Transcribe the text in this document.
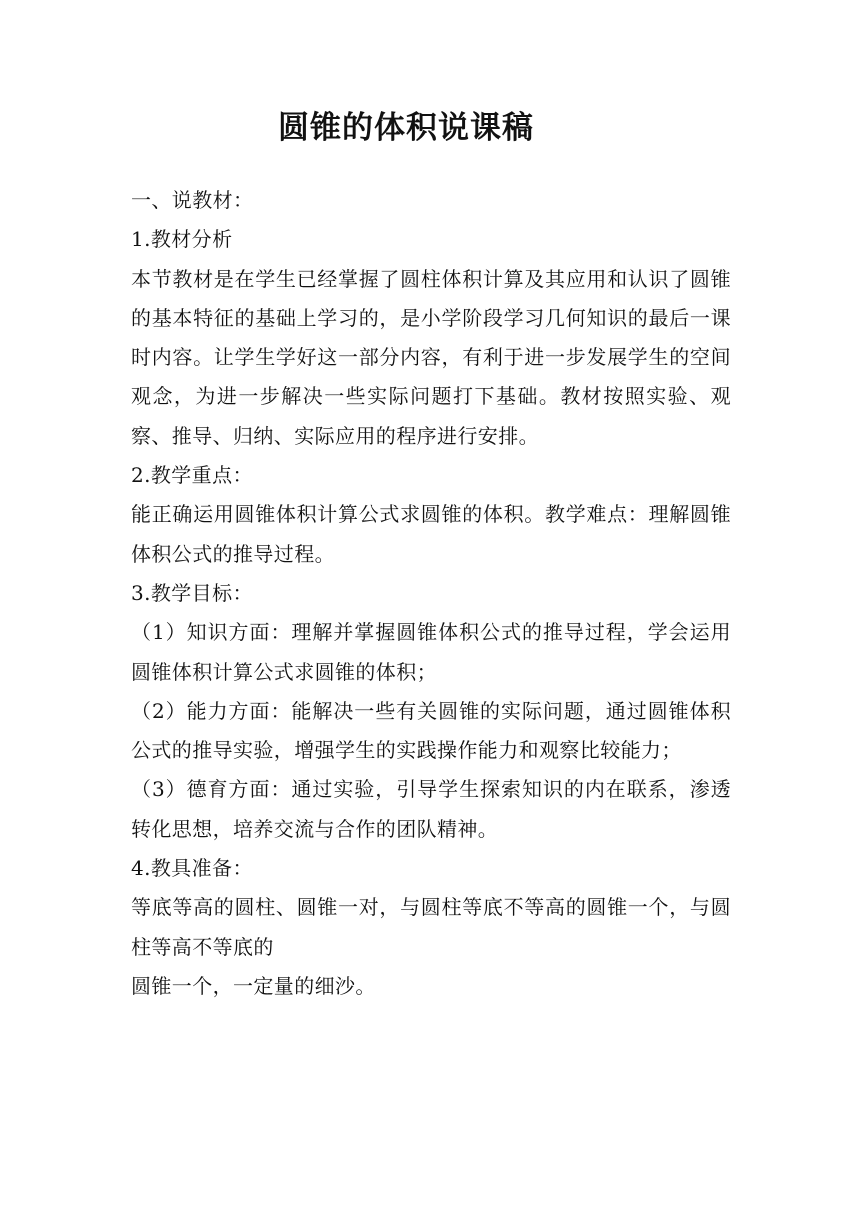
圆锥的体积说课稿

一、说教材：

1.教材分析

本节教材是在学生已经掌握了圆柱体积计算及其应用和认识了圆锥的基本特征的基础上学习的，是小学阶段学习几何知识的最后一课时内容。让学生学好这一部分内容，有利于进一步发展学生的空间观念，为进一步解决一些实际问题打下基础。教材按照实验、观察、推导、归纳、实际应用的程序进行安排。

2.教学重点：

能正确运用圆锥体积计算公式求圆锥的体积。教学难点：理解圆锥体积公式的推导过程。

3.教学目标：

（1）知识方面：理解并掌握圆锥体积公式的推导过程，学会运用圆锥体积计算公式求圆锥的体积；

（2）能力方面：能解决一些有关圆锥的实际问题，通过圆锥体积公式的推导实验，增强学生的实践操作能力和观察比较能力；

（3）德育方面：通过实验，引导学生探索知识的内在联系，渗透转化思想，培养交流与合作的团队精神。

4.教具准备：

等底等高的圆柱、圆锥一对，与圆柱等底不等高的圆锥一个，与圆柱等高不等底的

圆锥一个，一定量的细沙。
